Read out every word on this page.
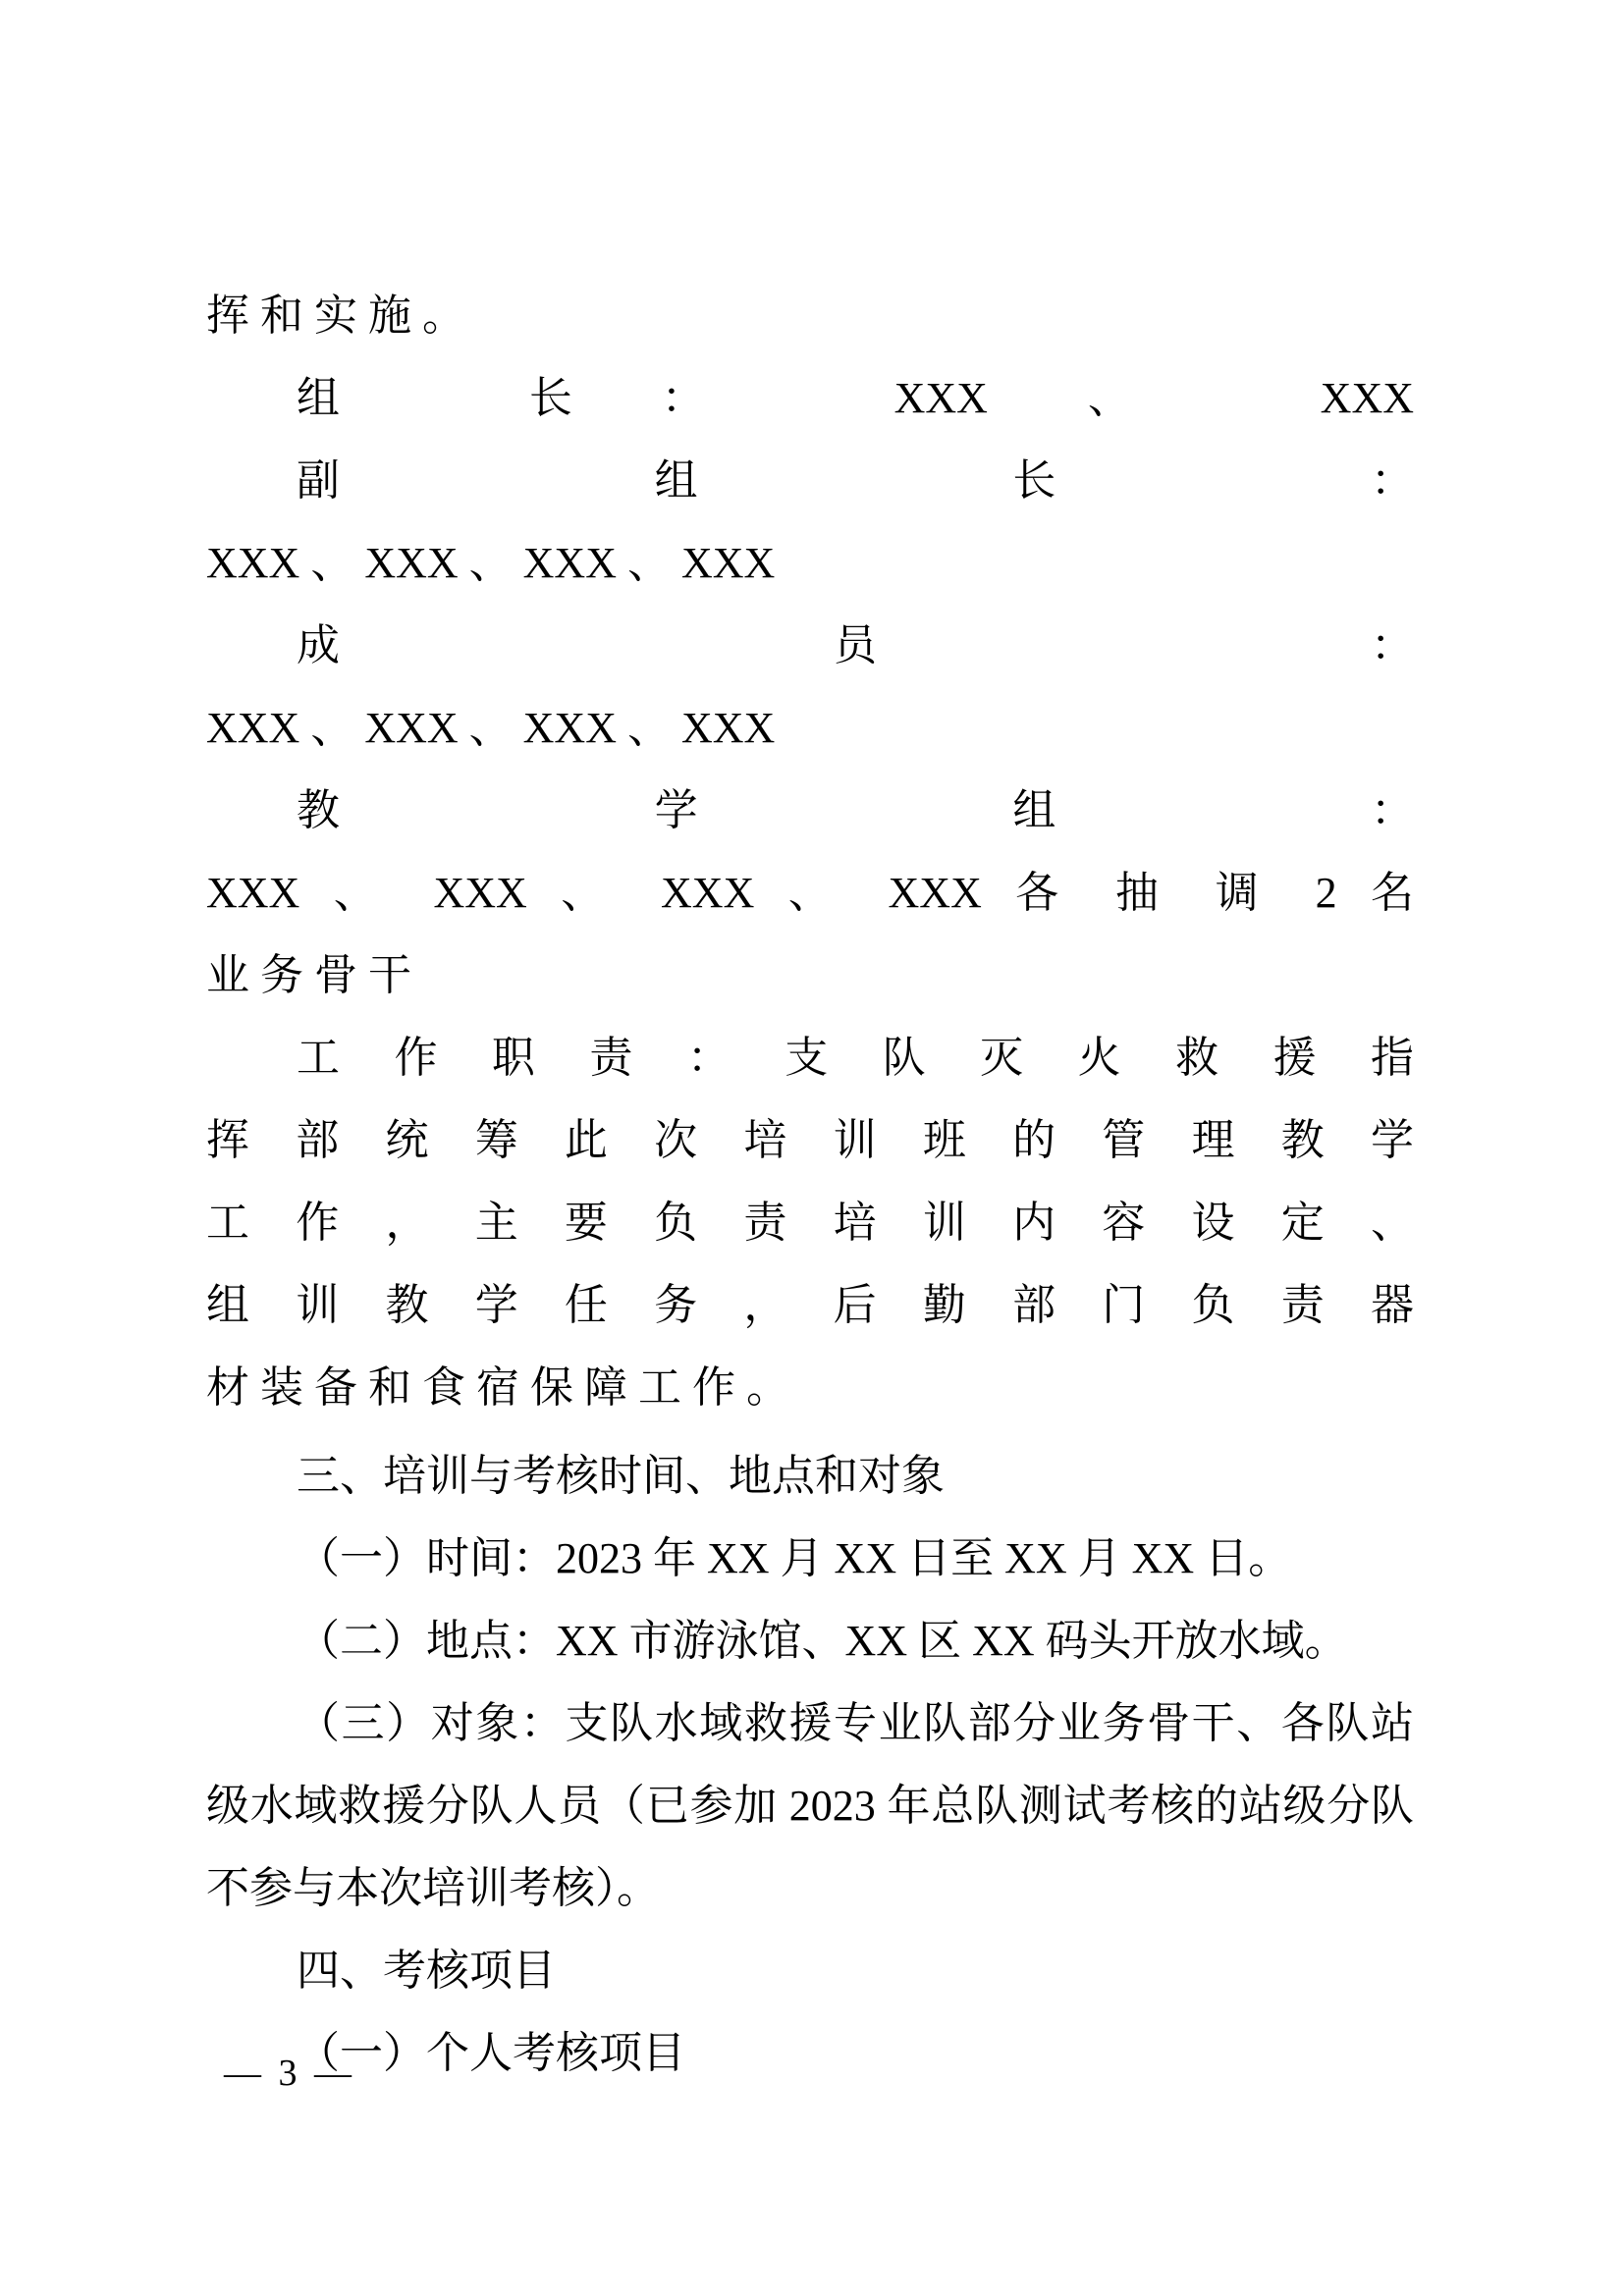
挥 和 实 施 。
组 长： XXX 、 XXX
副 组 长 ：
XXX 、 XXX 、 XXX 、 XXX
成 员 ：
XXX 、 XXX 、 XXX 、 XXX
教 学 组 ：
XXX 、 XXX 、 XXX 、 XXX 各 抽 调 2 名
业 务 骨 干
工 作 职 责 ： 支 队 灭 火 救 援 指
挥 部 统 筹 此 次 培 训 班 的 管 理 教 学
工 作 ， 主 要 负 责 培 训 内 容 设 定 、
组 训 教 学 任 务 ， 后 勤 部 门 负 责 器
材 装 备 和 食 宿 保 障 工 作 。
三、培训与考核时间、地点和对象
（一）时间：2023 年 XX 月 XX 日至 XX 月 XX 日。
（二）地点：XX 市游泳馆、XX 区 XX 码头开放水域。
（三）对象：支队水域救援专业队部分业务骨干、各队站级水域救援分队人员（已参加 2023 年总队测试考核的站级分队不参与本次培训考核）。
四、考核项目
（一）个人考核项目
— 3 —
